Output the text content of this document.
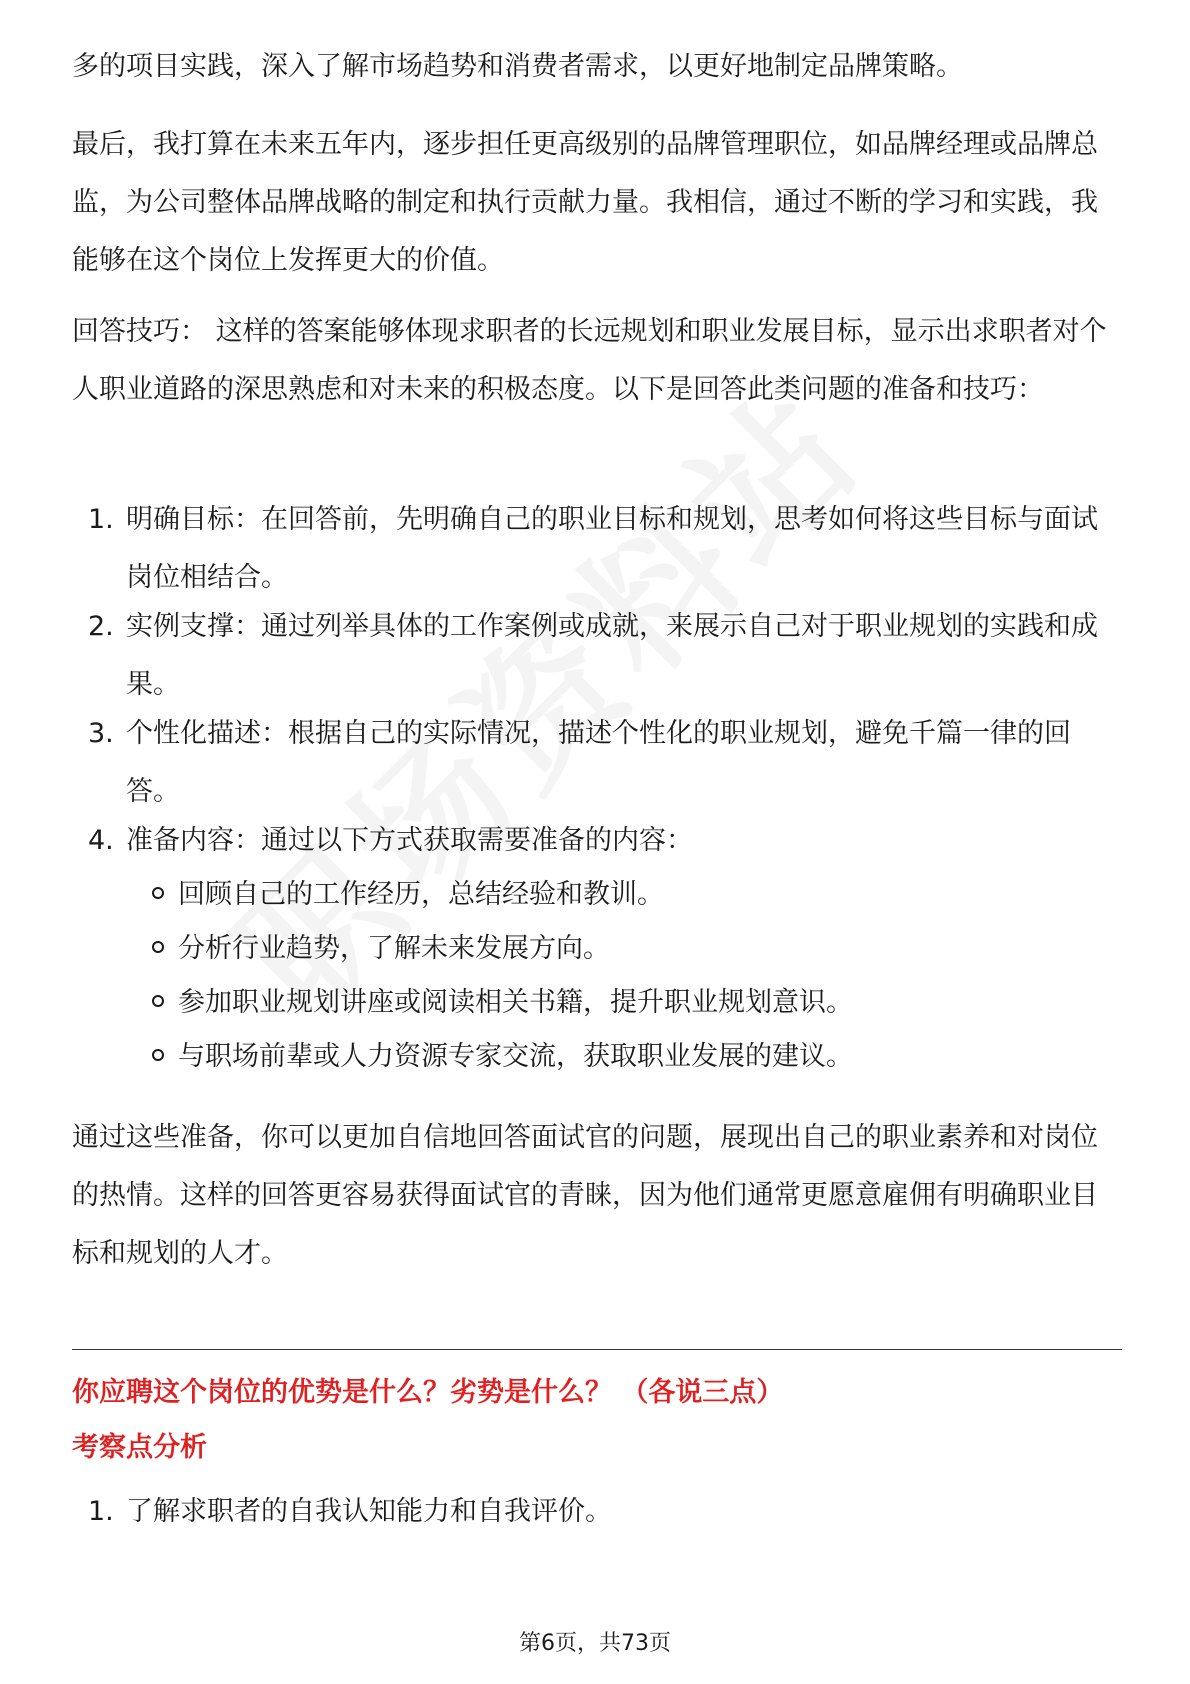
多的项目实践，深入了解市场趋势和消费者需求，以更好地制定品牌策略。

最后，我打算在未来五年内，逐步担任更高级别的品牌管理职位，如品牌经理或品牌总监，为公司整体品牌战略的制定和执行贡献力量。我相信，通过不断的学习和实践，我能够在这个岗位上发挥更大的价值。

回答技巧： 这样的答案能够体现求职者的长远规划和职业发展目标，显示出求职者对个人职业道路的深思熟虑和对未来的积极态度。以下是回答此类问题的准备和技巧：

1. 明确目标：在回答前，先明确自己的职业目标和规划，思考如何将这些目标与面试岗位相结合。
2. 实例支撑：通过列举具体的工作案例或成就，来展示自己对于职业规划的实践和成果。
3. 个性化描述：根据自己的实际情况，描述个性化的职业规划，避免千篇一律的回答。
4. 准备内容：通过以下方式获取需要准备的内容：
回顾自己的工作经历，总结经验和教训。
分析行业趋势，了解未来发展方向。
参加职业规划讲座或阅读相关书籍，提升职业规划意识。
与职场前辈或人力资源专家交流，获取职业发展的建议。

通过这些准备，你可以更加自信地回答面试官的问题，展现出自己的职业素养和对岗位的热情。这样的回答更容易获得面试官的青睐，因为他们通常更愿意雇佣有明确职业目标和规划的人才。

你应聘这个岗位的优势是什么？劣势是什么？ （各说三点）
考察点分析
1. 了解求职者的自我认知能力和自我评价。
第6页，共73页
